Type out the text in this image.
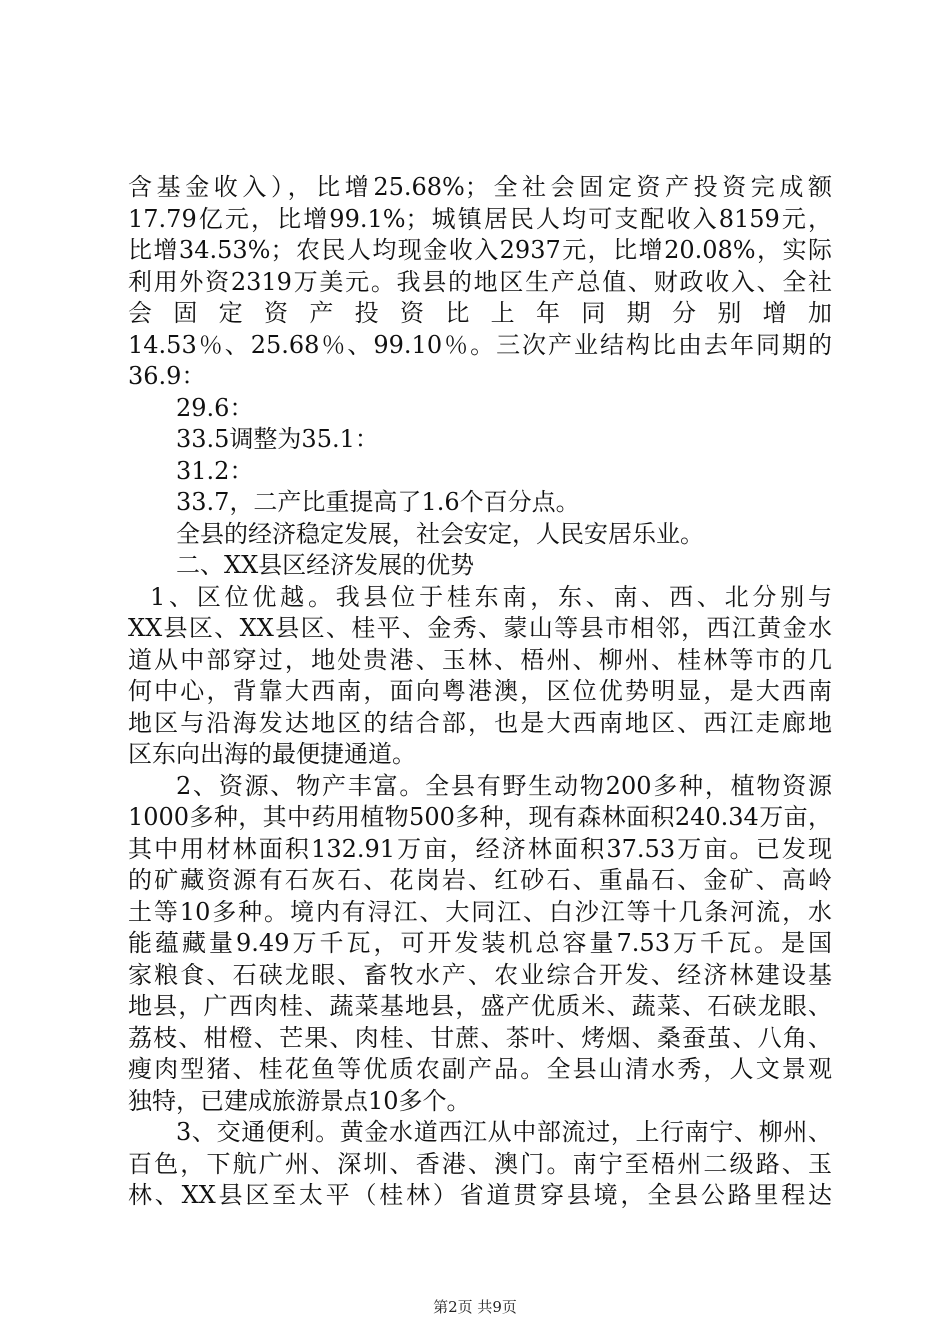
含基金收入），比增25.68%；全社会固定资产投资完成额
17.79亿元，比增99.1%；城镇居民人均可支配收入8159元，
比增34.53%；农民人均现金收入2937元，比增20.08%，实际
利用外资2319万美元。我县的地区生产总值、财政收入、全社
会 固 定 资 产 投 资 比 上 年 同 期 分 别 增 加
14.53％、25.68％、99.10％。三次产业结构比由去年同期的
36.9：
29.6：
33.5调整为35.1：
31.2：
33.7，二产比重提高了1.6个百分点。
全县的经济稳定发展，社会安定，人民安居乐业。
二、XX县区经济发展的优势
1、区位优越。我县位于桂东南，东、南、西、北分别与
XX县区、XX县区、桂平、金秀、蒙山等县市相邻，西江黄金水
道从中部穿过，地处贵港、玉林、梧州、柳州、桂林等市的几
何中心，背靠大西南，面向粤港澳，区位优势明显，是大西南
地区与沿海发达地区的结合部，也是大西南地区、西江走廊地
区东向出海的最便捷通道。
2、资源、物产丰富。全县有野生动物200多种，植物资源
1000多种，其中药用植物500多种，现有森林面积240.34万亩，
其中用材林面积132.91万亩，经济林面积37.53万亩。已发现
的矿藏资源有石灰石、花岗岩、红砂石、重晶石、金矿、高岭
土等10多种。境内有浔江、大同江、白沙江等十几条河流，水
能蕴藏量9.49万千瓦，可开发装机总容量7.53万千瓦。是国
家粮食、石硖龙眼、畜牧水产、农业综合开发、经济林建设基
地县，广西肉桂、蔬菜基地县，盛产优质米、蔬菜、石硖龙眼、
荔枝、柑橙、芒果、肉桂、甘蔗、茶叶、烤烟、桑蚕茧、八角、
瘦肉型猪、桂花鱼等优质农副产品。全县山清水秀，人文景观
独特，已建成旅游景点10多个。
3、交通便利。黄金水道西江从中部流过，上行南宁、柳州、
百色，下航广州、深圳、香港、澳门。南宁至梧州二级路、玉
林、XX县区至太平（桂林）省道贯穿县境，全县公路里程达
第2页 共9页
